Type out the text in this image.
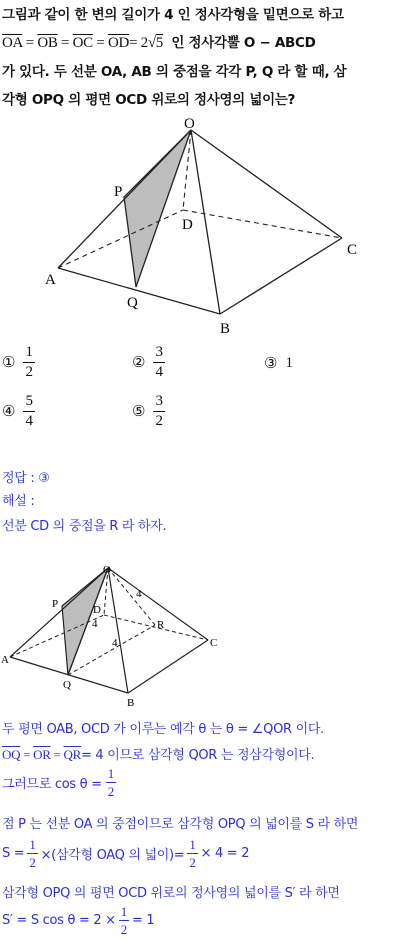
그림과 같이 한 변의 길이가 4 인 정사각형을 밑면으로 하고
$\overline{OA} = \overline{OB} = \overline{OC} = \overline{OD}= 2√5$ 인 정사각뿔 O − ABCD
가 있다. 두 선분 OA, AB 의 중점을 각각 P, Q 라 할 때, 삼
각형 OPQ 의 평면 OCD 위로의 정사영의 넓이는?
O
P
D
C
A
Q
B
① $\frac{1}{2}$	② $\frac{3}{4}$	③ 1
④ $\frac{5}{4}$	⑤ $\frac{3}{2}$
정답 : ③
해설 :
선분 CD 의 중점을 R 라 하자.
O
P	D
R
C
A
Q
B
4
4
4
두 평면 OAB, OCD 가 이루는 예각 θ 는 θ = ∠QOR 이다.
$\overline{OQ} = \overline{OR} = \overline{QR}= 4$ 이므로 삼각형 QOR 는 정삼각형이다.
그러므로 $\cos \theta = \frac{1}{2}$
점 P 는 선분 OA 의 중점이므로 삼각형 OPQ 의 넓이를 S 라 하면
$S = \frac{1}{2}$ ×(삼각형 OAQ 의 넓이)= $\frac{1}{2} \times 4 = 2$
삼각형 OPQ 의 평면 OCD 위로의 정사영의 넓이를 S′ 라 하면
S′ = S $\cos \theta = 2 \times \frac{1}{2} = 1$
